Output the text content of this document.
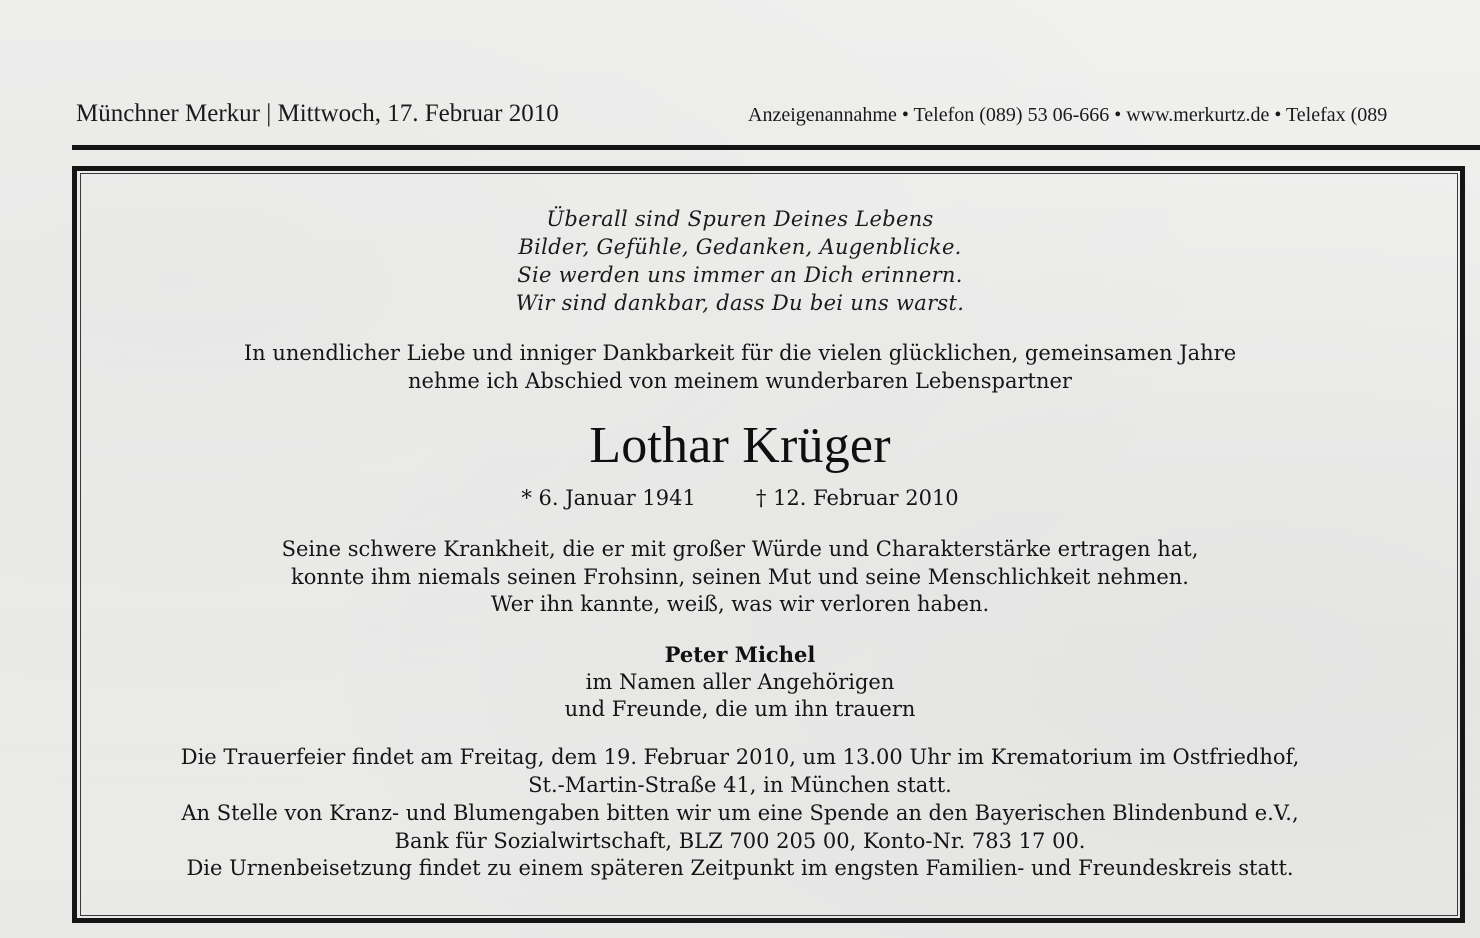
Münchner Merkur | Mittwoch, 17. Februar 2010	Anzeigenannahme • Telefon (089) 53 06-666 • www.merkurtz.de • Telefax (089
Überall sind Spuren Deines Lebens
Bilder, Gefühle, Gedanken, Augenblicke.
Sie werden uns immer an Dich erinnern.
Wir sind dankbar, dass Du bei uns warst.
In unendlicher Liebe und inniger Dankbarkeit für die vielen glücklichen, gemeinsamen Jahre
nehme ich Abschied von meinem wunderbaren Lebenspartner
Lothar Krüger
* 6. Januar 1941	† 12. Februar 2010
Seine schwere Krankheit, die er mit großer Würde und Charakterstärke ertragen hat,
konnte ihm niemals seinen Frohsinn, seinen Mut und seine Menschlichkeit nehmen.
Wer ihn kannte, weiß, was wir verloren haben.
Peter Michel
im Namen aller Angehörigen
und Freunde, die um ihn trauern
Die Trauerfeier findet am Freitag, dem 19. Februar 2010, um 13.00 Uhr im Krematorium im Ostfriedhof,
St.-Martin-Straße 41, in München statt.
An Stelle von Kranz- und Blumengaben bitten wir um eine Spende an den Bayerischen Blindenbund e.V.,
Bank für Sozialwirtschaft, BLZ 700 205 00, Konto-Nr. 783 17 00.
Die Urnenbeisetzung findet zu einem späteren Zeitpunkt im engsten Familien- und Freundeskreis statt.
